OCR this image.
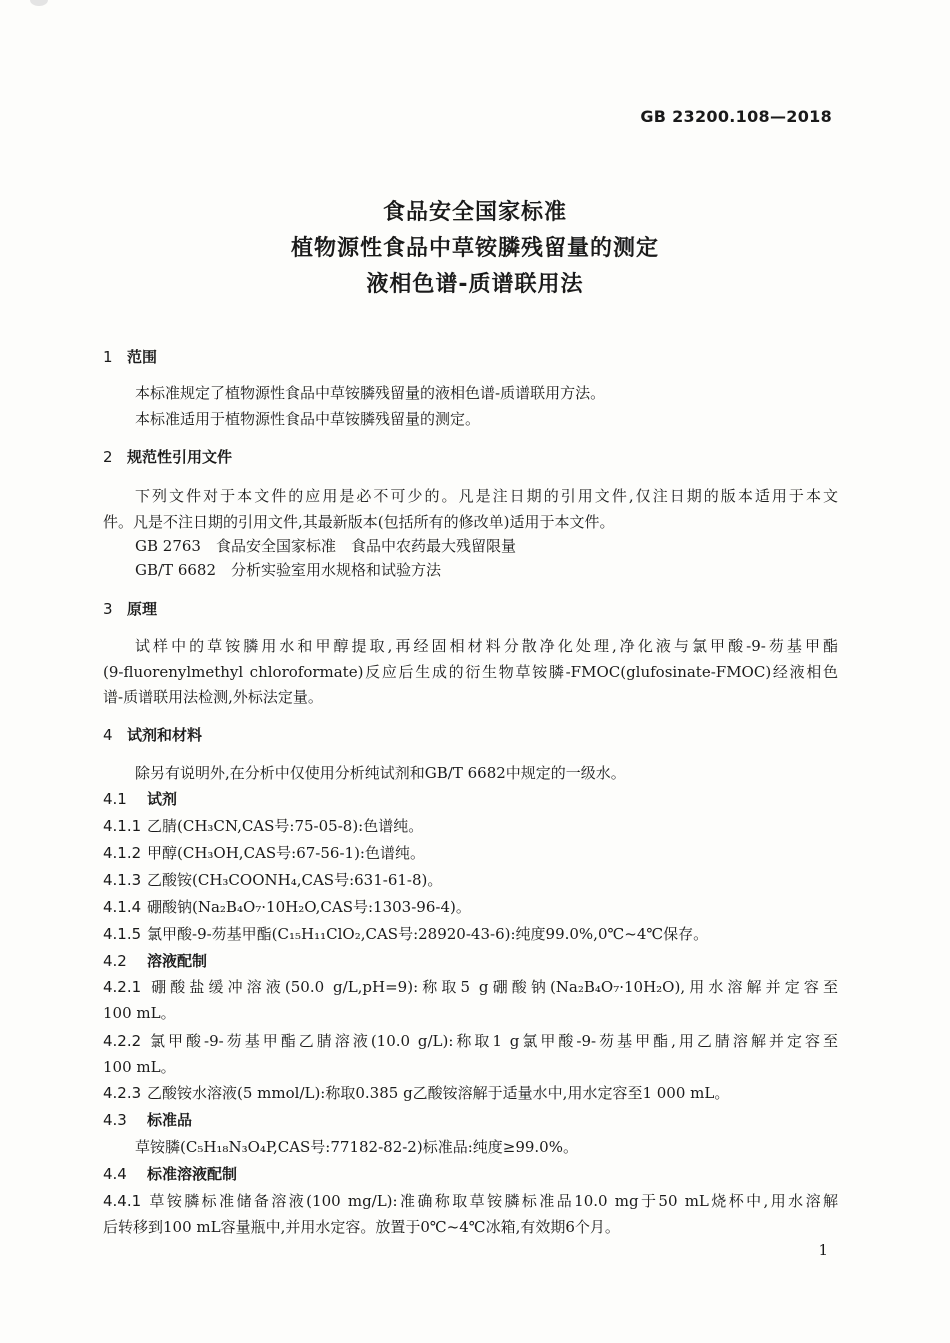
GB 23200.108—2018
食品安全国家标准
植物源性食品中草铵膦残留量的测定
液相色谱-质谱联用法
1 范围
本标准规定了植物源性食品中草铵膦残留量的液相色谱-质谱联用方法。
本标准适用于植物源性食品中草铵膦残留量的测定。
2 规范性引用文件
下列文件对于本文件的应用是必不可少的。凡是注日期的引用文件,仅注日期的版本适用于本文
件。凡是不注日期的引用文件,其最新版本(包括所有的修改单)适用于本文件。
GB 2763　食品安全国家标准　食品中农药最大残留限量
GB/T 6682　分析实验室用水规格和试验方法
3 原理
试样中的草铵膦用水和甲醇提取,再经固相材料分散净化处理,净化液与氯甲酸-9-芴基甲酯
(9-fluorenylmethyl chloroformate)反应后生成的衍生物草铵膦-FMOC(glufosinate-FMOC)经液相色
谱-质谱联用法检测,外标法定量。
4 试剂和材料
除另有说明外,在分析中仅使用分析纯试剂和GB/T 6682中规定的一级水。
4.1 试剂
4.1.1 乙腈(CH₃CN,CAS号:75-05-8):色谱纯。
4.1.2 甲醇(CH₃OH,CAS号:67-56-1):色谱纯。
4.1.3 乙酸铵(CH₃COONH₄,CAS号:631-61-8)。
4.1.4 硼酸钠(Na₂B₄O₇·10H₂O,CAS号:1303-96-4)。
4.1.5 氯甲酸-9-芴基甲酯(C₁₅H₁₁ClO₂,CAS号:28920-43-6):纯度99.0%,0℃~4℃保存。
4.2 溶液配制
4.2.1 硼酸盐缓冲溶液(50.0 g/L,pH=9):称取5 g硼酸钠(Na₂B₄O₇·10H₂O),用水溶解并定容至
100 mL。
4.2.2 氯甲酸-9-芴基甲酯乙腈溶液(10.0 g/L):称取1 g氯甲酸-9-芴基甲酯,用乙腈溶解并定容至
100 mL。
4.2.3 乙酸铵水溶液(5 mmol/L):称取0.385 g乙酸铵溶解于适量水中,用水定容至1 000 mL。
4.3 标准品
草铵膦(C₅H₁₈N₃O₄P,CAS号:77182-82-2)标准品:纯度≥99.0%。
4.4 标准溶液配制
4.4.1 草铵膦标准储备溶液(100 mg/L):准确称取草铵膦标准品10.0 mg于50 mL烧杯中,用水溶解
后转移到100 mL容量瓶中,并用水定容。放置于0℃~4℃冰箱,有效期6个月。
1
